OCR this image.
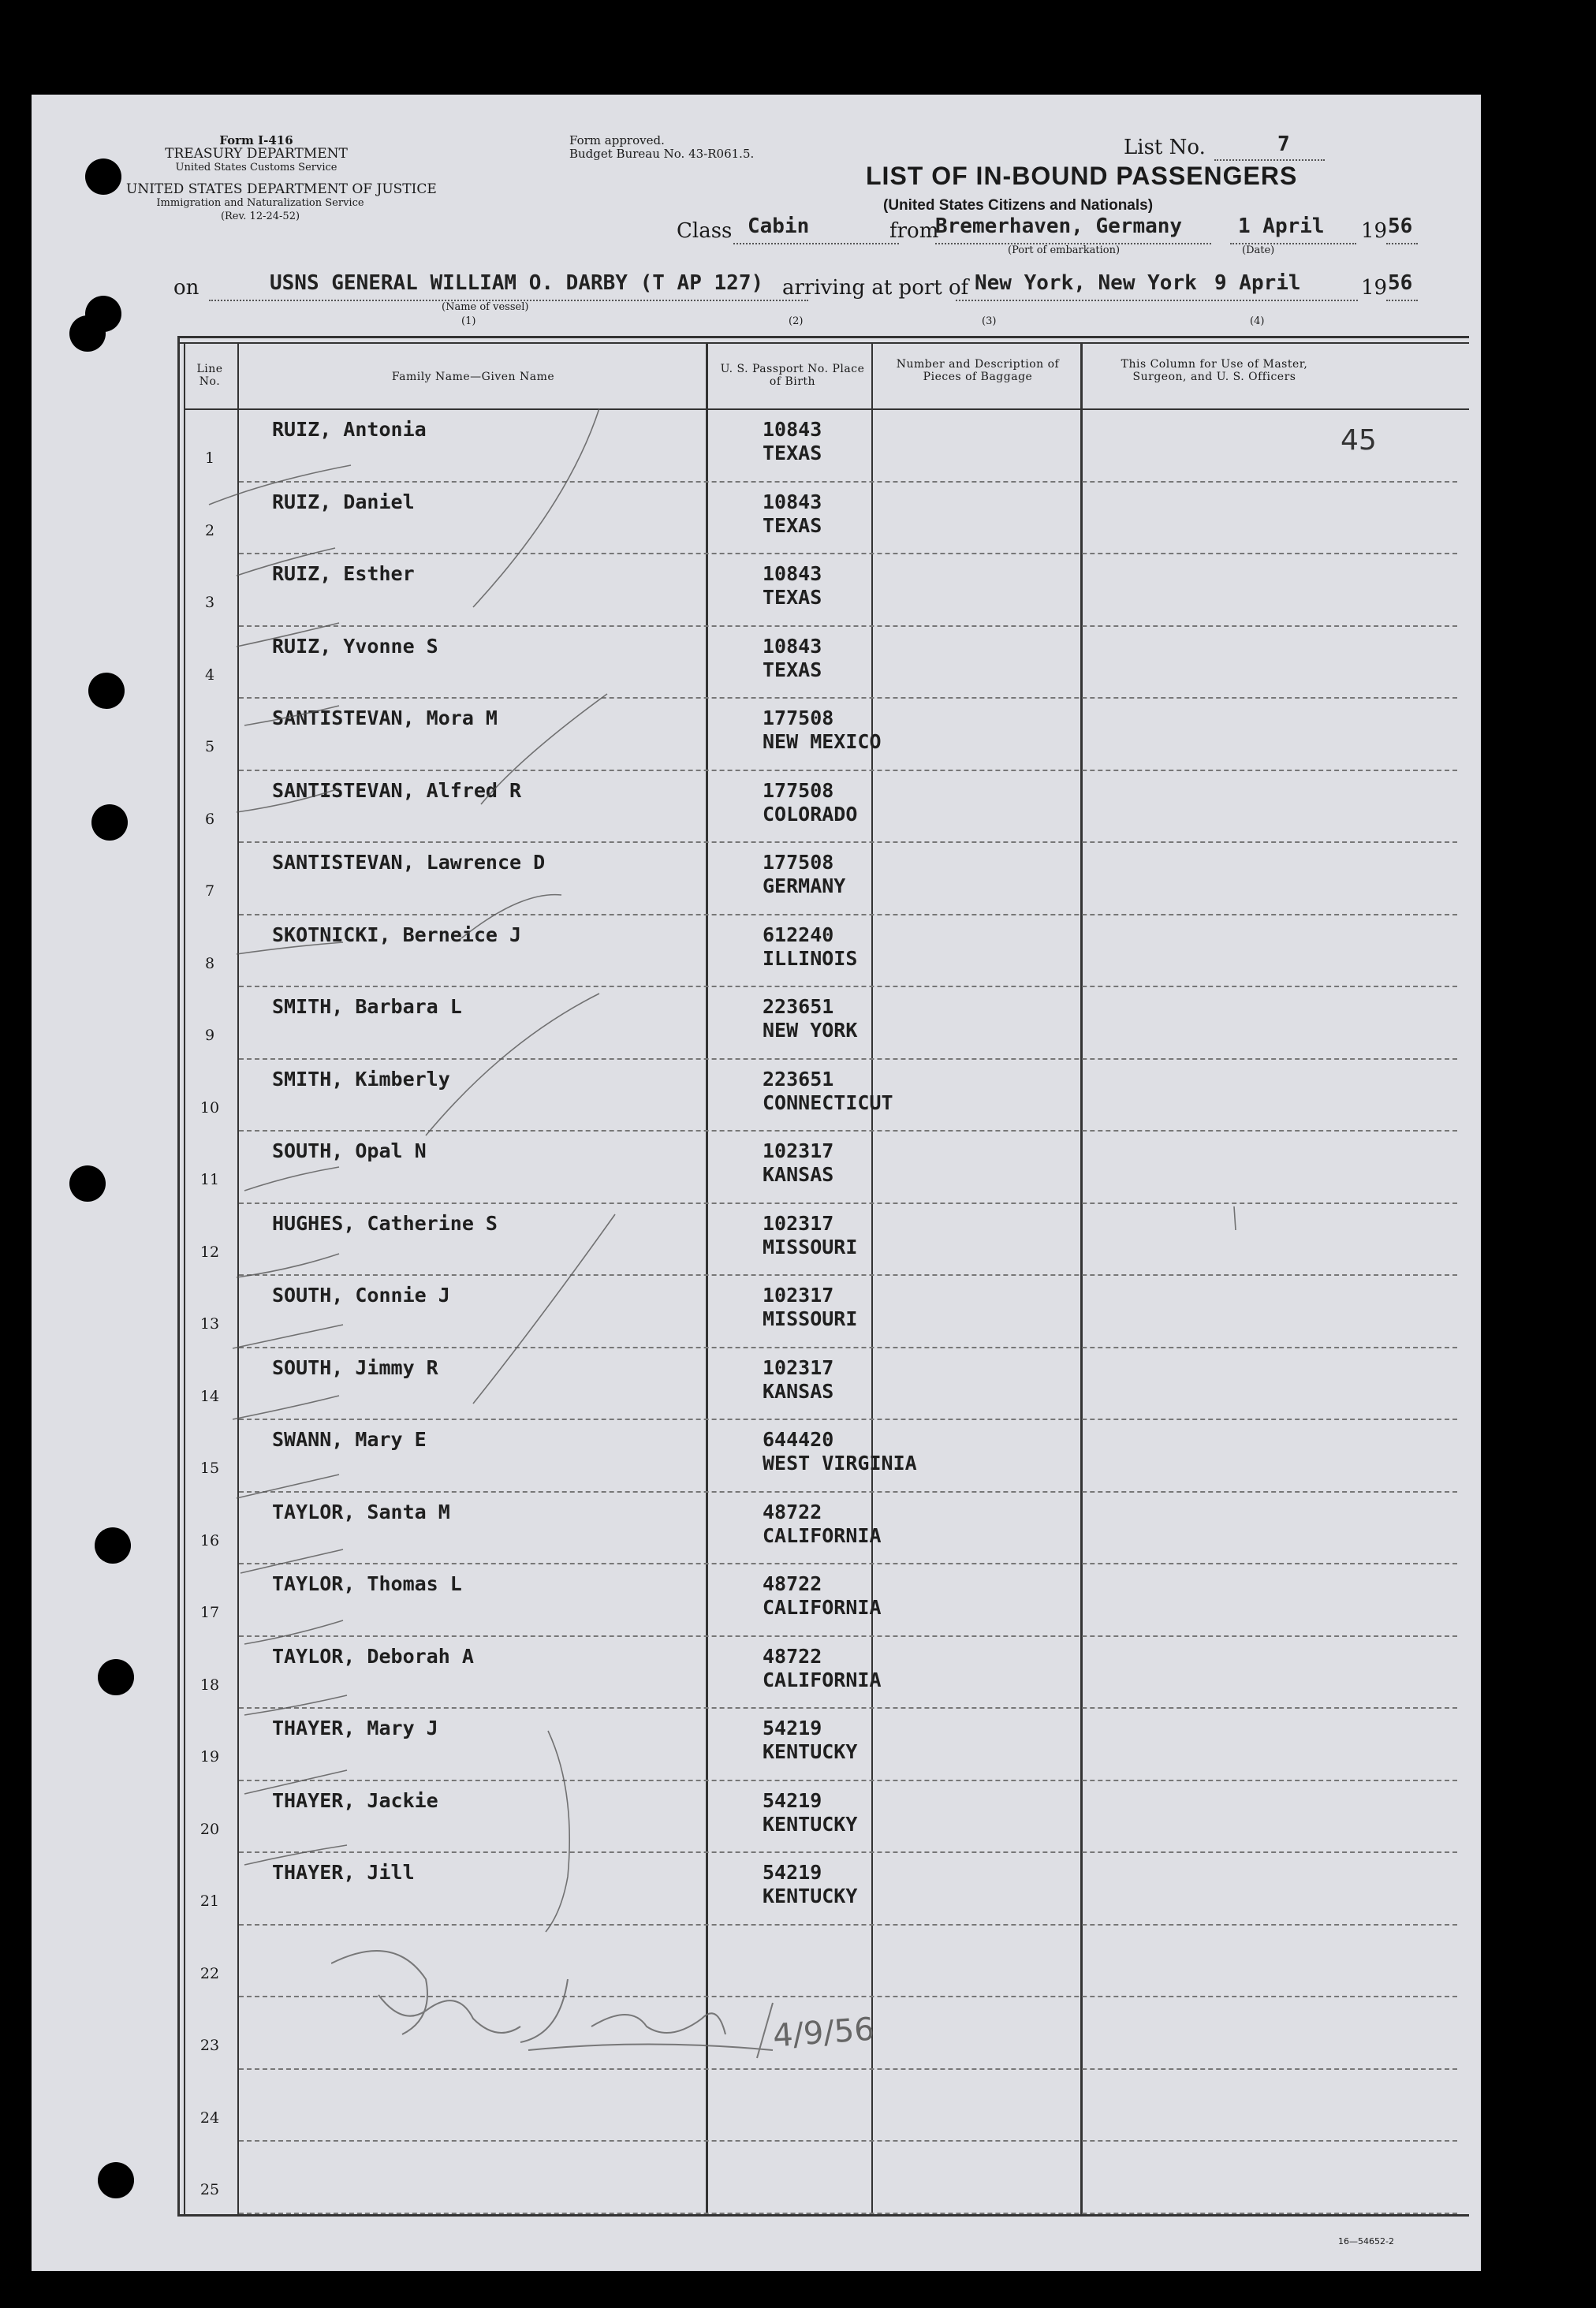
Form I-416
TREASURY DEPARTMENT
United States Customs Service
UNITED STATES DEPARTMENT OF JUSTICE
Immigration and Naturalization Service
(Rev. 12-24-52)
Form approved.
Budget Bureau No. 43-R061.5.	List No.	7
LIST OF IN-BOUND PASSENGERS
(United States Citizens and Nationals)
Class Cabin	from
Bremerhaven, Germany
(Port of embarkation)
1 April 19 56
(Date)
on	USNS GENERAL WILLIAM O. DARBY (T AP 127)
(Name of vessel)
arriving at port of New York, New York 9 April	19 56
(1)	(2)	(3)	(4)
Line No.	Family Name—Given Name
U. S. Passport No. Place of Birth
Number and Description of Pieces of Baggage
This Column for Use of Master, Surgeon, and U. S. Officers
1
RUIZ, Antonia	10843
TEXAS
2
RUIZ, Daniel	10843
TEXAS
3
RUIZ, Esther	10843
TEXAS
4
RUIZ, Yvonne S	10843
TEXAS
5
SANTISTEVAN, Mora M	177508
NEW MEXICO
6
SANTISTEVAN, Alfred R	177508
COLORADO
7
SANTISTEVAN, Lawrence D	177508
GERMANY
8
SKOTNICKI, Berneice J	612240
ILLINOIS
9
SMITH, Barbara L	223651
NEW YORK
10
SMITH, Kimberly	223651
CONNECTICUT
11
SOUTH, Opal N	102317
KANSAS
12
HUGHES, Catherine S	102317
MISSOURI
13
SOUTH, Connie J	102317
MISSOURI
14
SOUTH, Jimmy R	102317
KANSAS
15
SWANN, Mary E	644420
WEST VIRGINIA
16
TAYLOR, Santa M	48722
CALIFORNIA
17
TAYLOR, Thomas L	48722
CALIFORNIA
18
TAYLOR, Deborah A	48722
CALIFORNIA
19
THAYER, Mary J	54219
KENTUCKY
20
THAYER, Jackie	54219
KENTUCKY
21
THAYER, Jill	54219
KENTUCKY
22
23
24
25
45
4/9/56
16—54652-2
